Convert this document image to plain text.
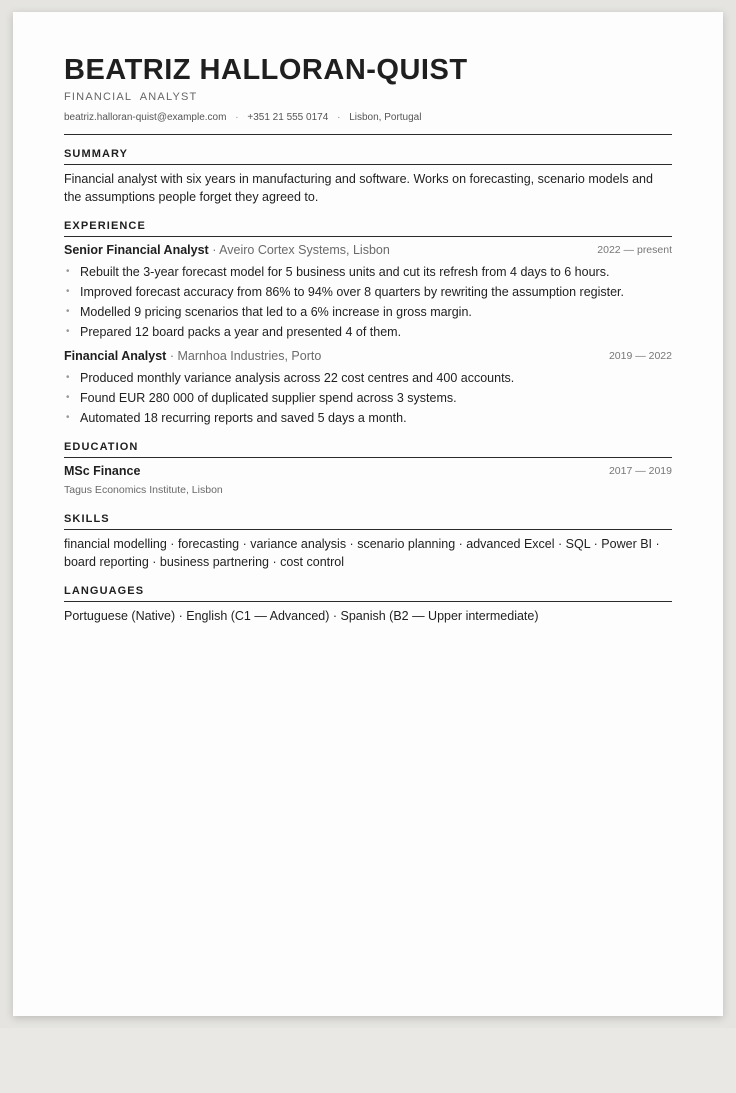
BEATRIZ HALLORAN-QUIST
FINANCIAL  ANALYST
beatriz.halloran-quist@example.com · +351 21 555 0174 · Lisbon, Portugal
SUMMARY
Financial analyst with six years in manufacturing and software. Works on forecasting, scenario models and the assumptions people forget they agreed to.
EXPERIENCE
Senior Financial Analyst · Aveiro Cortex Systems, Lisbon	2022 — present
• Rebuilt the 3-year forecast model for 5 business units and cut its refresh from 4 days to 6 hours.
• Improved forecast accuracy from 86% to 94% over 8 quarters by rewriting the assumption register.
• Modelled 9 pricing scenarios that led to a 6% increase in gross margin.
• Prepared 12 board packs a year and presented 4 of them.
Financial Analyst · Marnhoa Industries, Porto	2019 — 2022
• Produced monthly variance analysis across 22 cost centres and 400 accounts.
• Found EUR 280 000 of duplicated supplier spend across 3 systems.
• Automated 18 recurring reports and saved 5 days a month.
EDUCATION
MSc Finance	2017 — 2019
Tagus Economics Institute, Lisbon
SKILLS
financial modelling · forecasting · variance analysis · scenario planning · advanced Excel · SQL · Power BI · board reporting · business partnering · cost control
LANGUAGES
Portuguese (Native) · English (C1 — Advanced) · Spanish (B2 — Upper intermediate)
